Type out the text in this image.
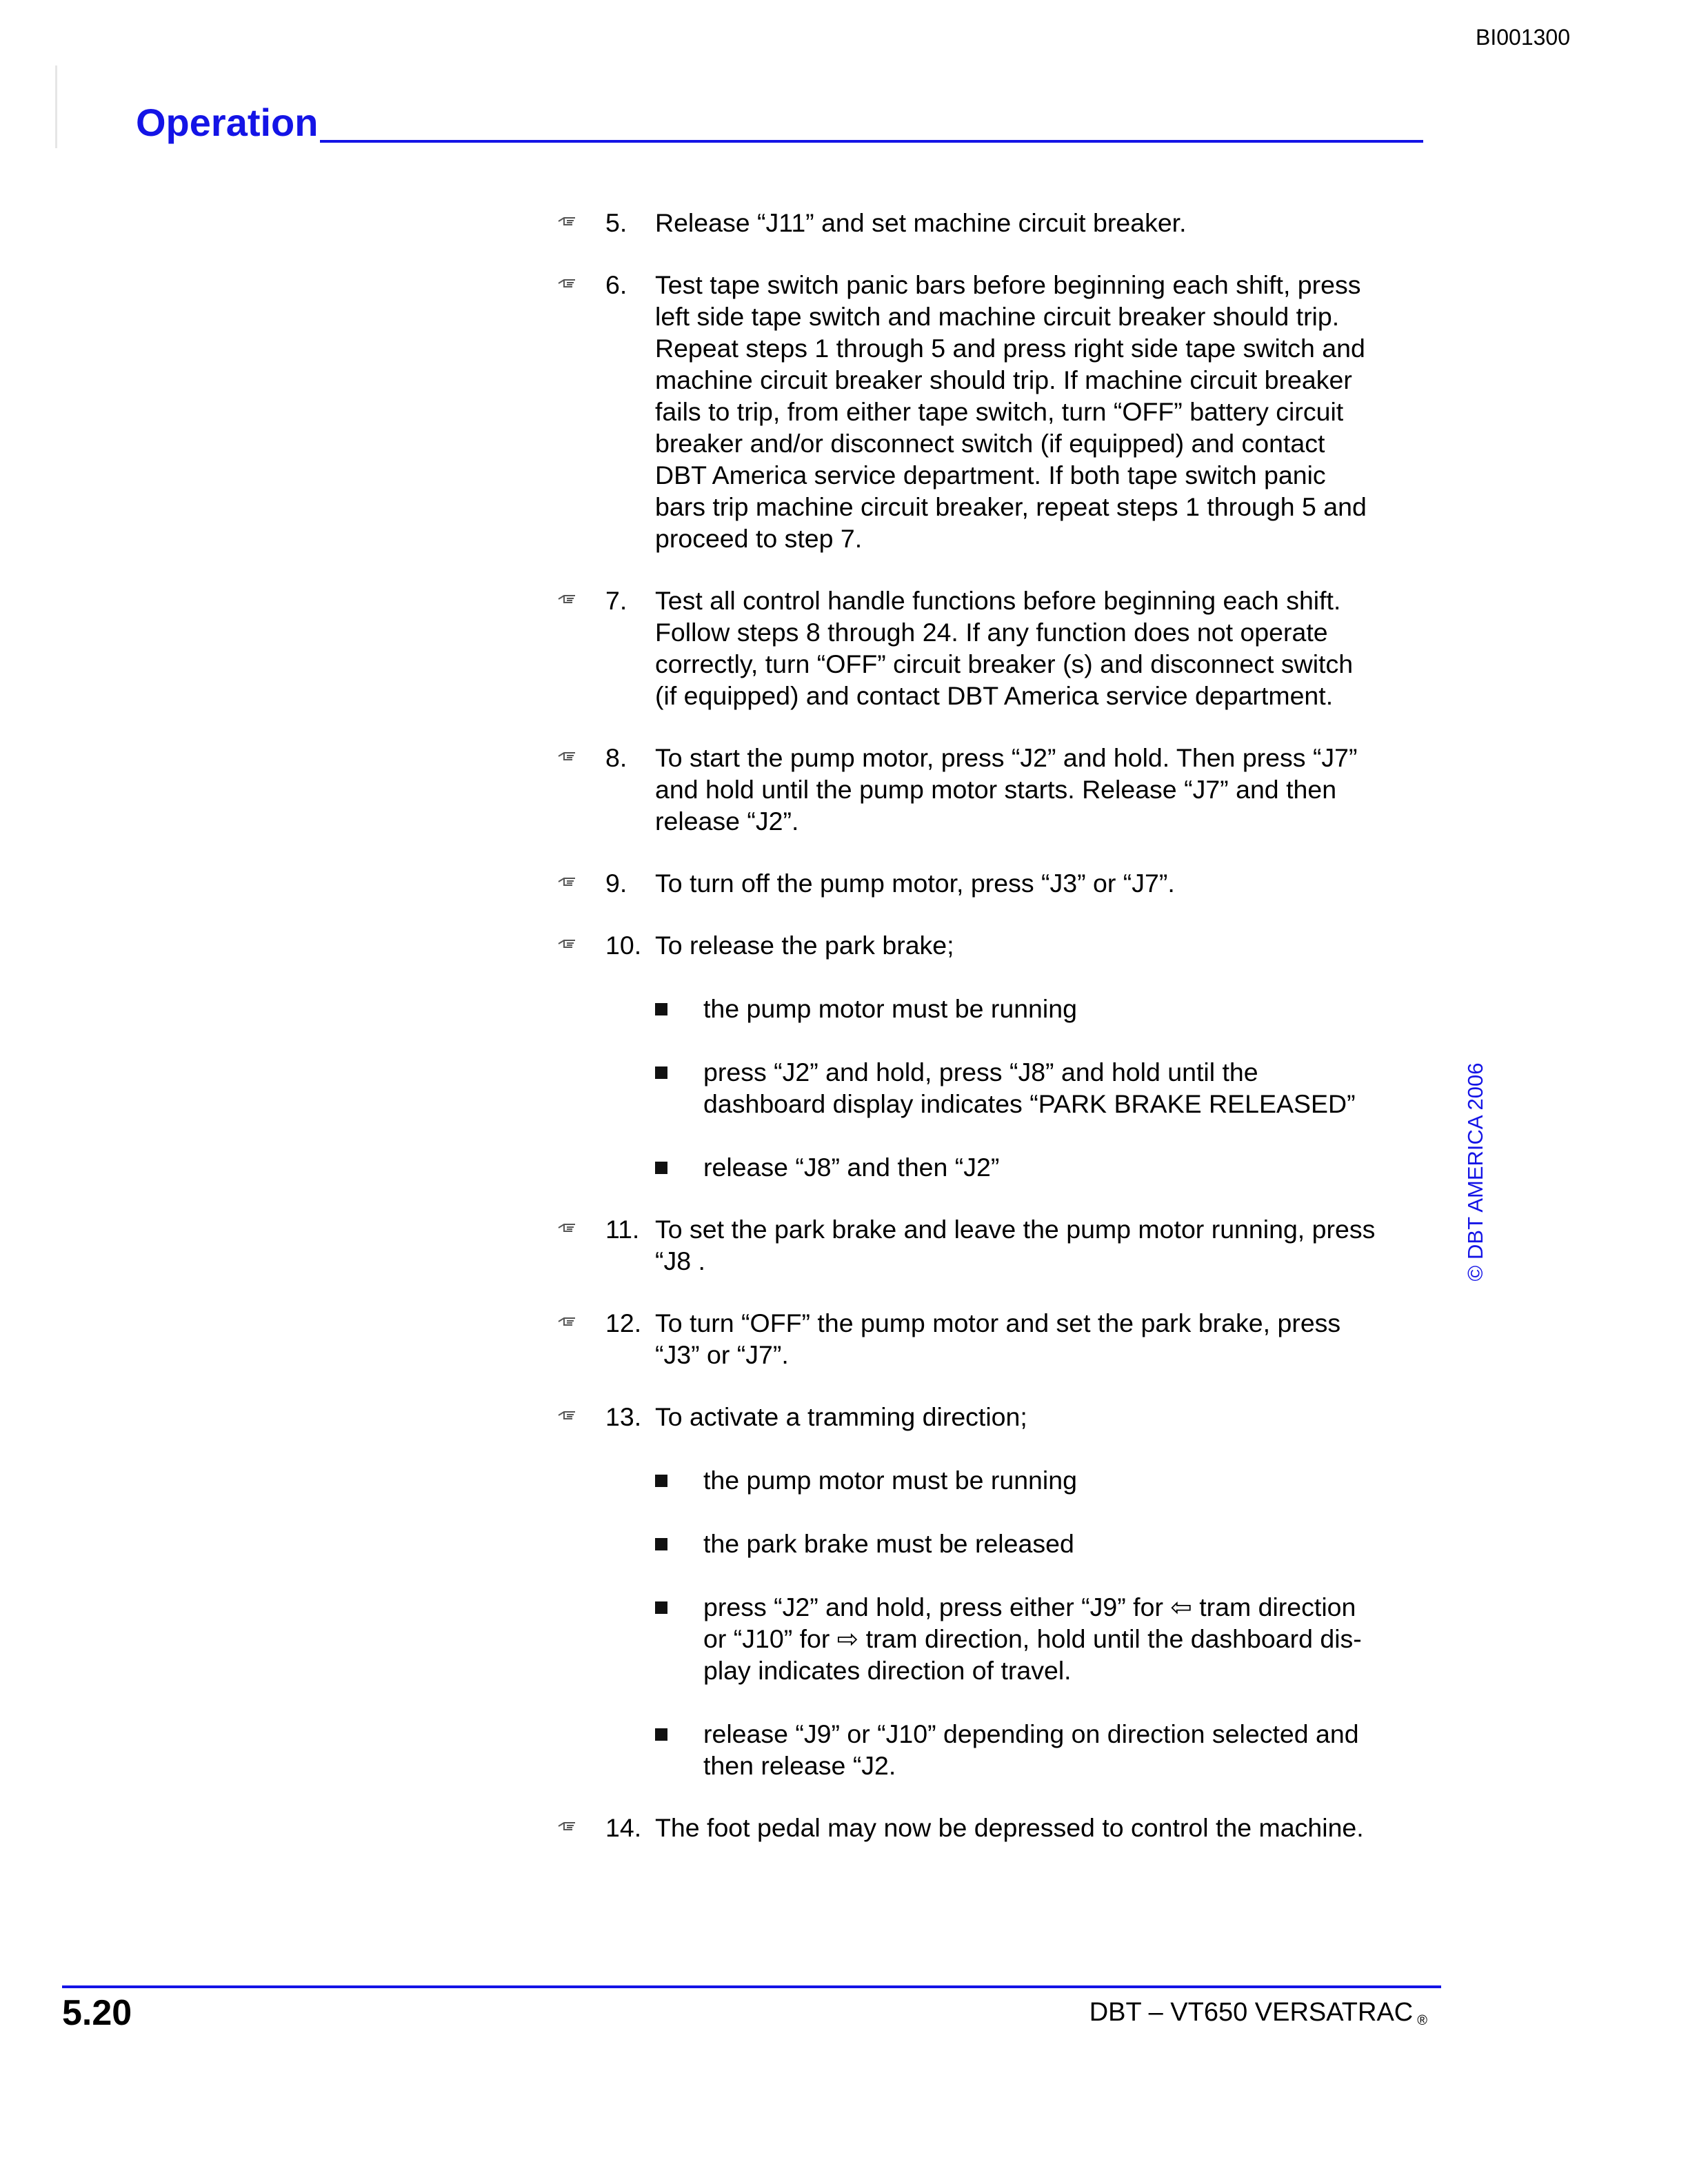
BI001300
Operation
© DBT AMERICA 2006
5. Release “J11” and set machine circuit breaker.
6. Test tape switch panic bars before beginning each shift, press
left side tape switch and machine circuit breaker should trip.
Repeat steps 1 through 5 and press right side tape switch and
machine circuit breaker should trip. If machine circuit breaker
fails to trip, from either tape switch, turn “OFF” battery circuit
breaker and/or disconnect switch (if equipped) and contact
DBT America service department. If both tape switch panic
bars trip machine circuit breaker, repeat steps 1 through 5 and
proceed to step 7.
7. Test all control handle functions before beginning each shift.
Follow steps 8 through 24. If any function does not operate
correctly, turn “OFF” circuit breaker (s) and disconnect switch
(if equipped) and contact DBT America service department.
8. To start the pump motor, press “J2” and hold. Then press “J7”
and hold until the pump motor starts. Release “J7” and then
release “J2”.
9. To turn off the pump motor, press “J3” or “J7”.
10. To release the park brake;
the pump motor must be running
press “J2” and hold, press “J8” and hold until the
dashboard display indicates “PARK BRAKE RELEASED”
release “J8” and then “J2”
11. To set the park brake and leave the pump motor running, press
“J8 .
12. To turn “OFF” the pump motor and set the park brake, press
“J3” or “J7”.
13. To activate a tramming direction;
the pump motor must be running
the park brake must be released
press “J2” and hold, press either “J9” for ⇦ tram direction
or “J10” for ⇨ tram direction, hold until the dashboard dis-
play indicates direction of travel.
release “J9” or “J10” depending on direction selected and
then release “J2.
14. The foot pedal may now be depressed to control the machine.
5.20	DBT – VT650 VERSATRAC ®
